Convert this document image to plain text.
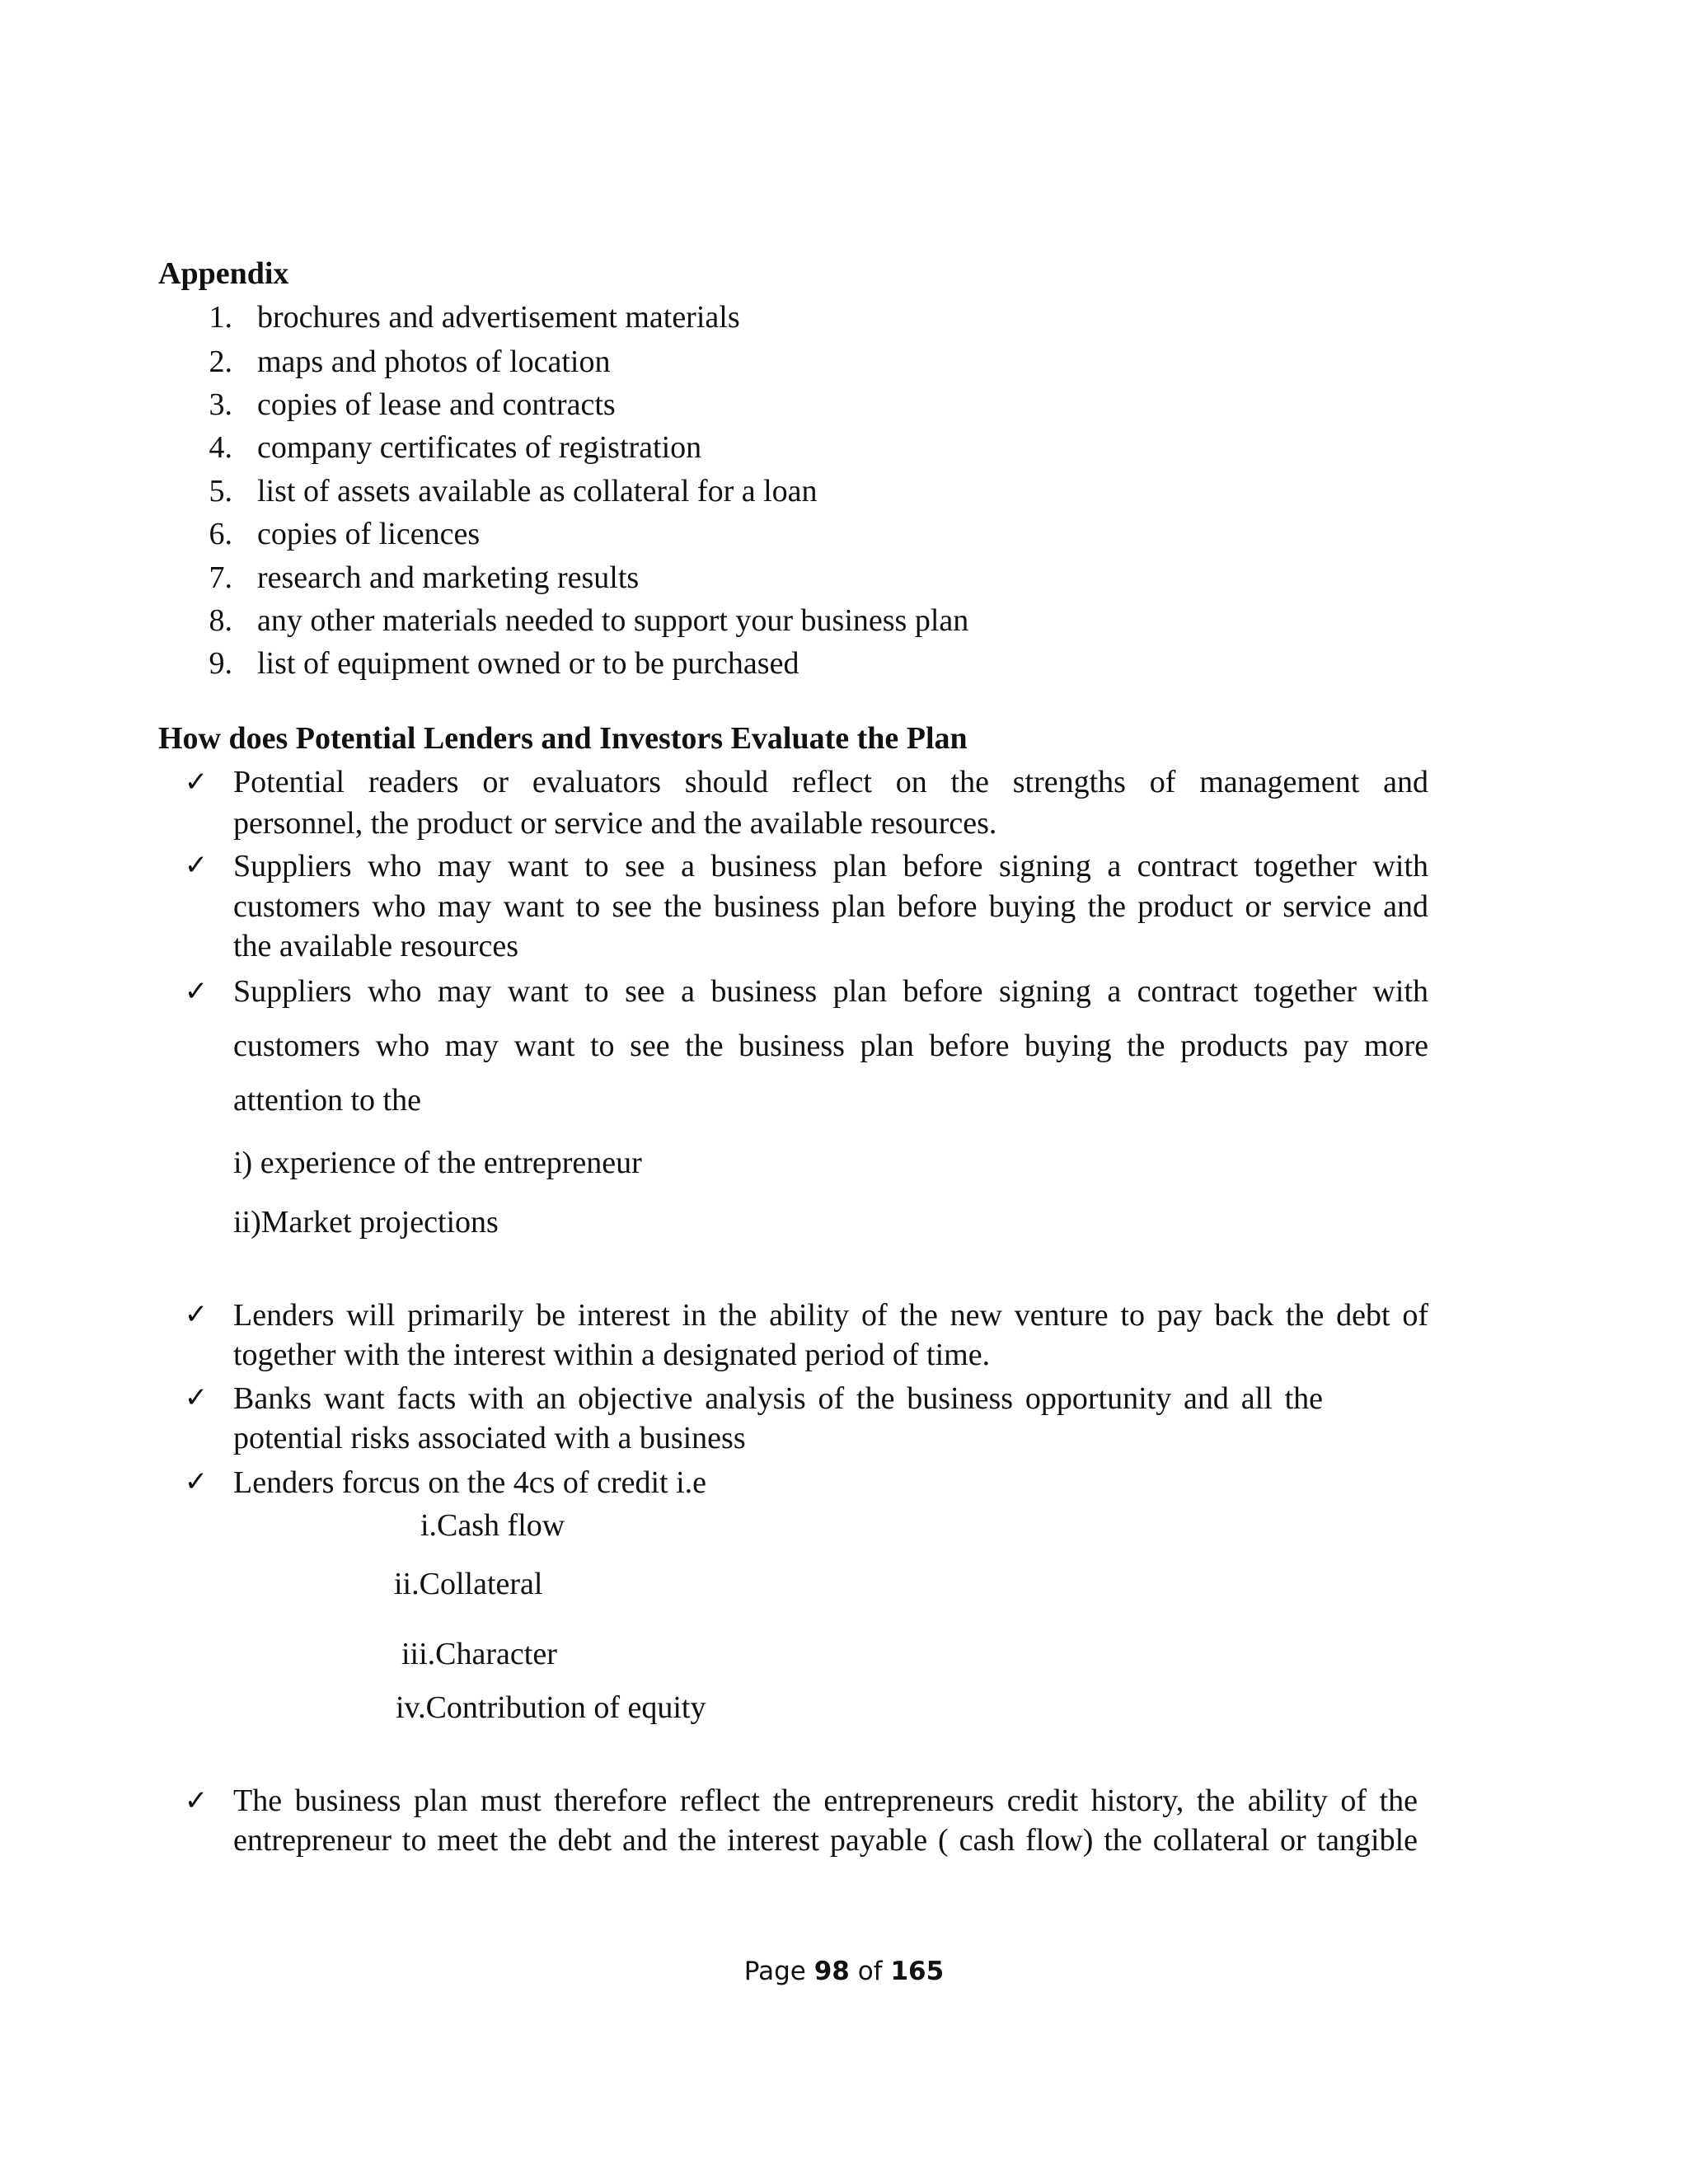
Appendix
1. brochures and advertisement materials
2. maps and photos of location
3. copies of lease and contracts
4. company certificates of registration
5. list of assets available as collateral for a loan
6. copies of licences
7. research and marketing results
8. any other materials needed to support your business plan
9. list of equipment owned or to be purchased
How does Potential Lenders and Investors Evaluate the Plan
✓ Potential readers or evaluators should reflect on the strengths of management and
personnel, the product or service and the available resources.
✓ Suppliers who may want to see a business plan before signing a contract together with
customers who may want to see the business plan before buying the product or service and
the available resources
✓ Suppliers who may want to see a business plan before signing a contract together with
customers who may want to see the business plan before buying the products pay more
attention to the
i) experience of the entrepreneur
ii)Market projections
✓ Lenders will primarily be interest in the ability of the new venture to pay back the debt of
together with the interest within a designated period of time.
✓ Banks want facts with an objective analysis of the business opportunity and all the
potential risks associated with a business
✓ Lenders forcus on the 4cs of credit i.e
i.Cash flow
ii.Collateral
iii.Character
iv.Contribution of equity
✓ The business plan must therefore reflect the entrepreneurs credit history, the ability of the
entrepreneur to meet the debt and the interest payable ( cash flow) the collateral or tangible
Page 98 of 165
